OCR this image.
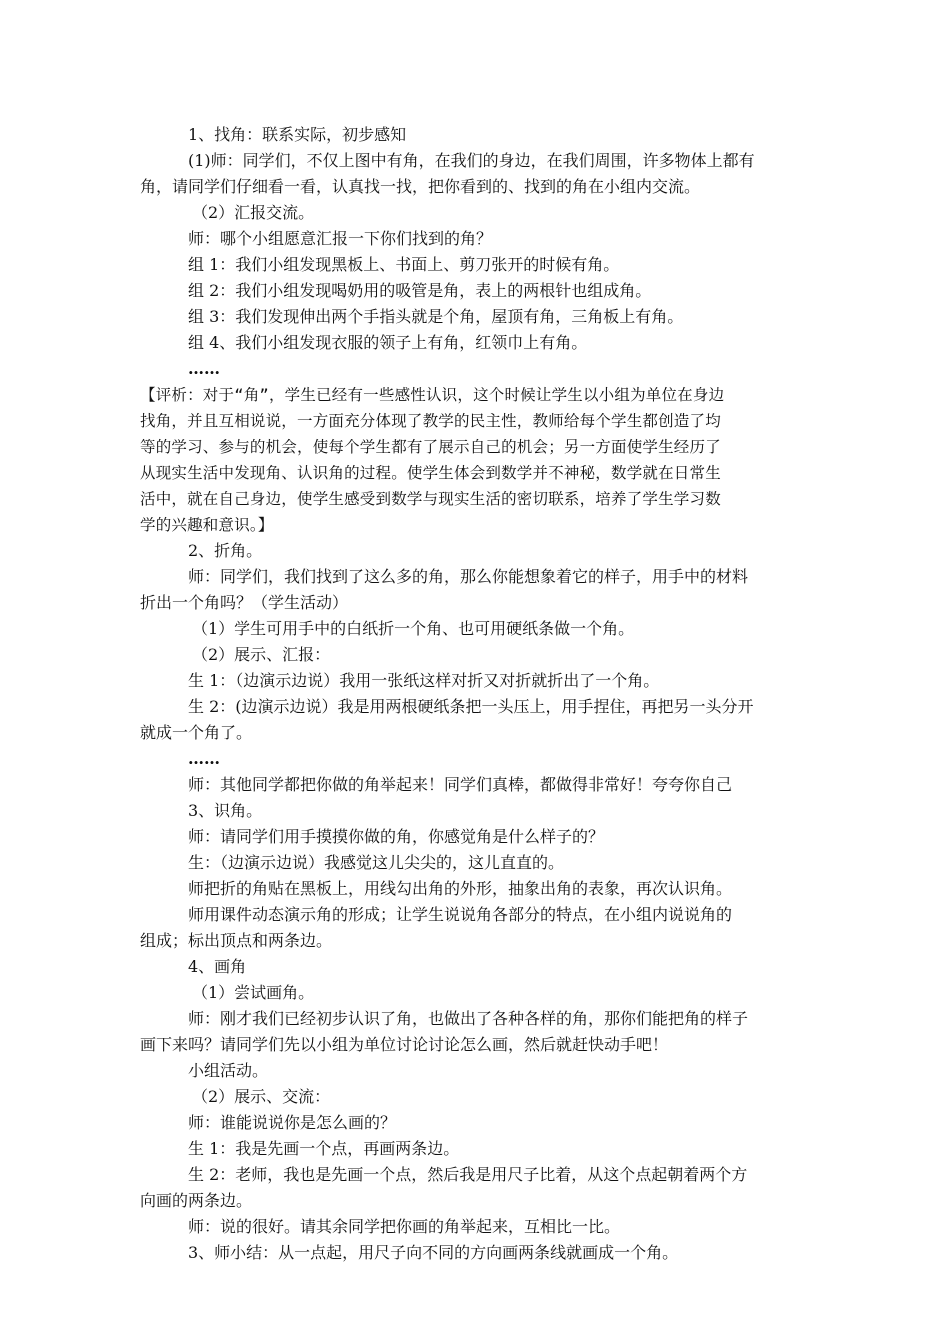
1、找角：联系实际，初步感知
(1)师：同学们，不仅上图中有角，在我们的身边，在我们周围，许多物体上都有
角，请同学们仔细看一看，认真找一找，把你看到的、找到的角在小组内交流。
（2）汇报交流。
师：哪个小组愿意汇报一下你们找到的角？
组 1：我们小组发现黑板上、书面上、剪刀张开的时候有角。
组 2：我们小组发现喝奶用的吸管是角，表上的两根针也组成角。
组 3：我们发现伸出两个手指头就是个角，屋顶有角，三角板上有角。
组 4、我们小组发现衣服的领子上有角，红领巾上有角。
……
【评析：对于“角”，学生已经有一些感性认识，这个时候让学生以小组为单位在身边
找角，并且互相说说，一方面充分体现了教学的民主性，教师给每个学生都创造了均
等的学习、参与的机会，使每个学生都有了展示自己的机会；另一方面使学生经历了
从现实生活中发现角、认识角的过程。使学生体会到数学并不神秘，数学就在日常生
活中，就在自己身边，使学生感受到数学与现实生活的密切联系，培养了学生学习数
学的兴趣和意识。】
2、折角。
师：同学们，我们找到了这么多的角，那么你能想象着它的样子，用手中的材料
折出一个角吗？（学生活动）
（1）学生可用手中的白纸折一个角、也可用硬纸条做一个角。
（2）展示、汇报：
生 1：（边演示边说）我用一张纸这样对折又对折就折出了一个角。
生 2：(边演示边说）我是用两根硬纸条把一头压上，用手捏住，再把另一头分开
就成一个角了。
……
师：其他同学都把你做的角举起来！同学们真棒，都做得非常好！夸夸你自己
3、识角。
师：请同学们用手摸摸你做的角，你感觉角是什么样子的？
生：（边演示边说）我感觉这儿尖尖的，这儿直直的。
师把折的角贴在黑板上，用线勾出角的外形，抽象出角的表象，再次认识角。
师用课件动态演示角的形成；让学生说说角各部分的特点，在小组内说说角的
组成；标出顶点和两条边。
4、画角
（1）尝试画角。
师：刚才我们已经初步认识了角，也做出了各种各样的角，那你们能把角的样子
画下来吗？请同学们先以小组为单位讨论讨论怎么画，然后就赶快动手吧！
小组活动。
（2）展示、交流：
师：谁能说说你是怎么画的？
生 1：我是先画一个点，再画两条边。
生 2：老师，我也是先画一个点，然后我是用尺子比着，从这个点起朝着两个方
向画的两条边。
师：说的很好。请其余同学把你画的角举起来，互相比一比。
3、师小结：从一点起，用尺子向不同的方向画两条线就画成一个角。
